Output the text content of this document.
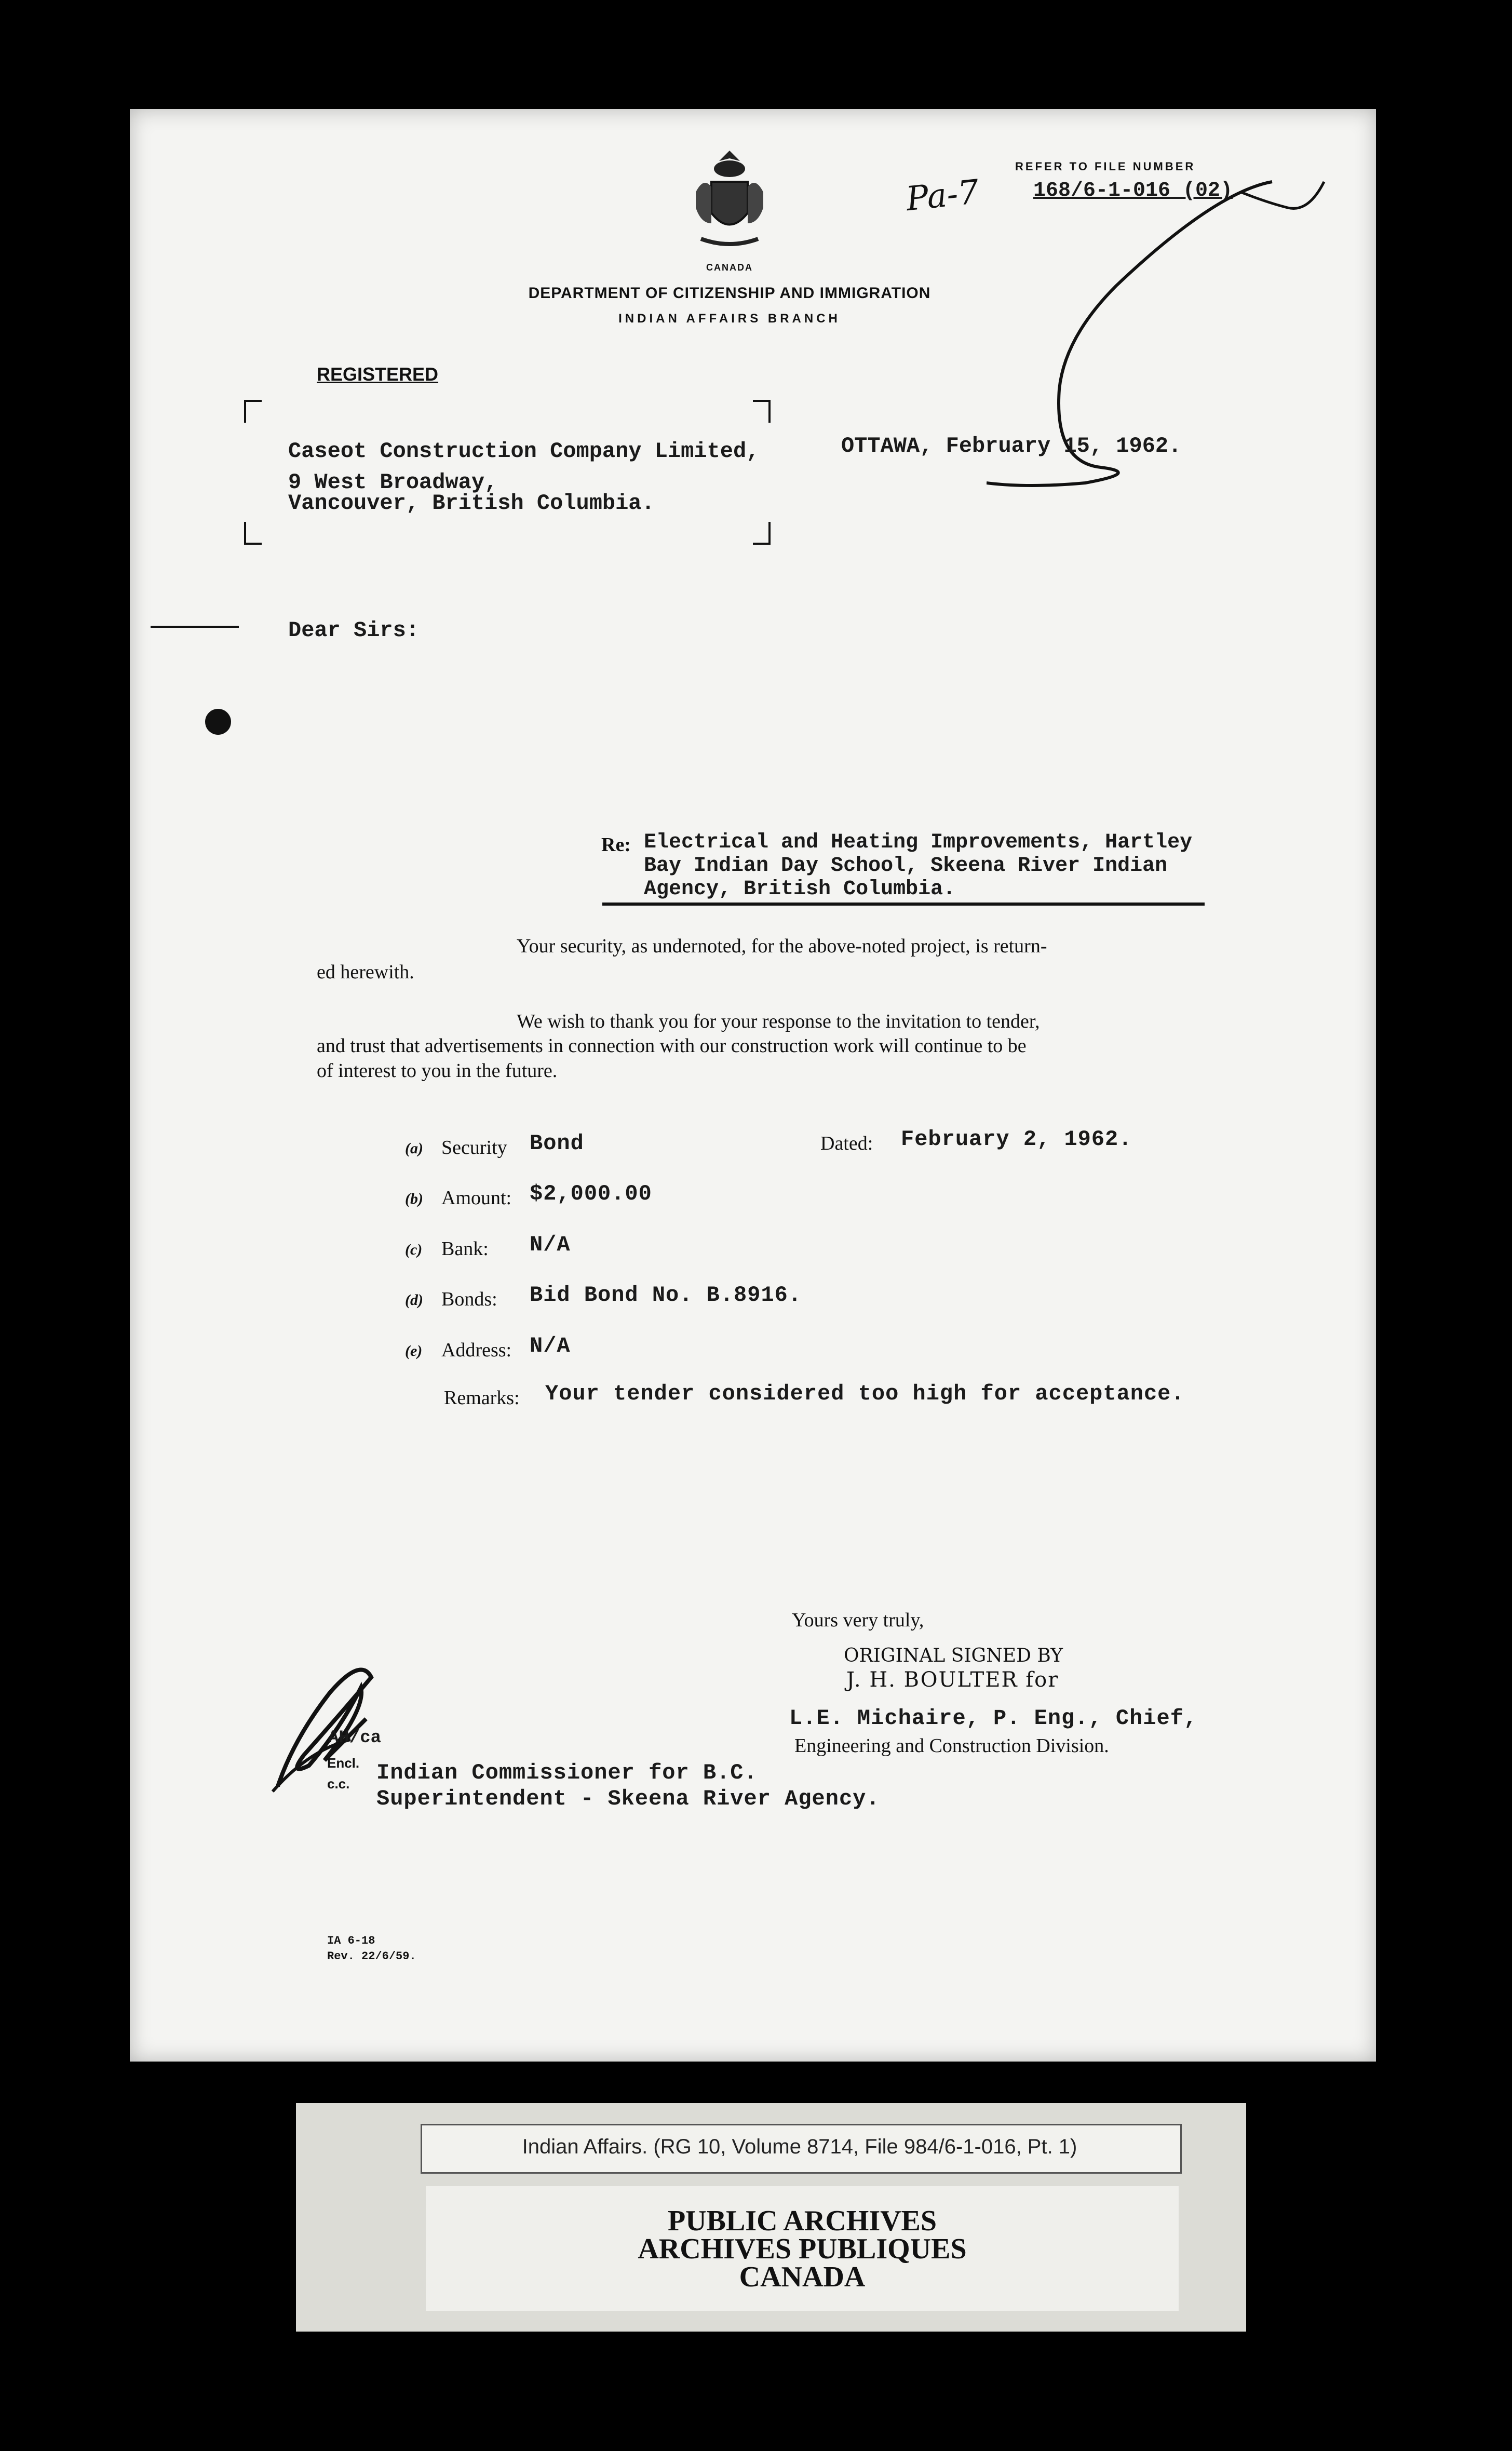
CANADA
DEPARTMENT OF CITIZENSHIP AND IMMIGRATION
INDIAN AFFAIRS BRANCH
REFER TO FILE NUMBER
168/6-1-016 (02)
Pa-7
REGISTERED
Caseot Construction Company Limited,
9 West Broadway,
Vancouver, British Columbia.
OTTAWA, February 15, 1962.
Dear Sirs:
Re: Electrical and Heating Improvements, Hartley
Bay Indian Day School, Skeena River Indian
Agency, British Columbia.
Your security, as undernoted, for the above-noted project, is return-
ed herewith.
We wish to thank you for your response to the invitation to tender,
and trust that advertisements in connection with our construction work will continue to be
of interest to you in the future.
(a) Security Bond	Dated: February 2, 1962.
(b) Amount: $2,000.00
(c) Bank: N/A
(d) Bonds: Bid Bond No. B.8916.
(e) Address: N/A
Remarks: Your tender considered too high for acceptance.
Yours very truly,
ORIGINAL SIGNED BY
J. H. BOULTER for
L.E. Michaire, P. Eng., Chief,
Engineering and Construction Division.
AH/ca
Encl.
c.c. Indian Commissioner for B.C.
Superintendent - Skeena River Agency.
IA 6-18
Rev. 22/6/59.
Indian Affairs. (RG 10, Volume 8714, File 984/6-1-016, Pt. 1)
PUBLIC ARCHIVES
ARCHIVES PUBLIQUES
CANADA
